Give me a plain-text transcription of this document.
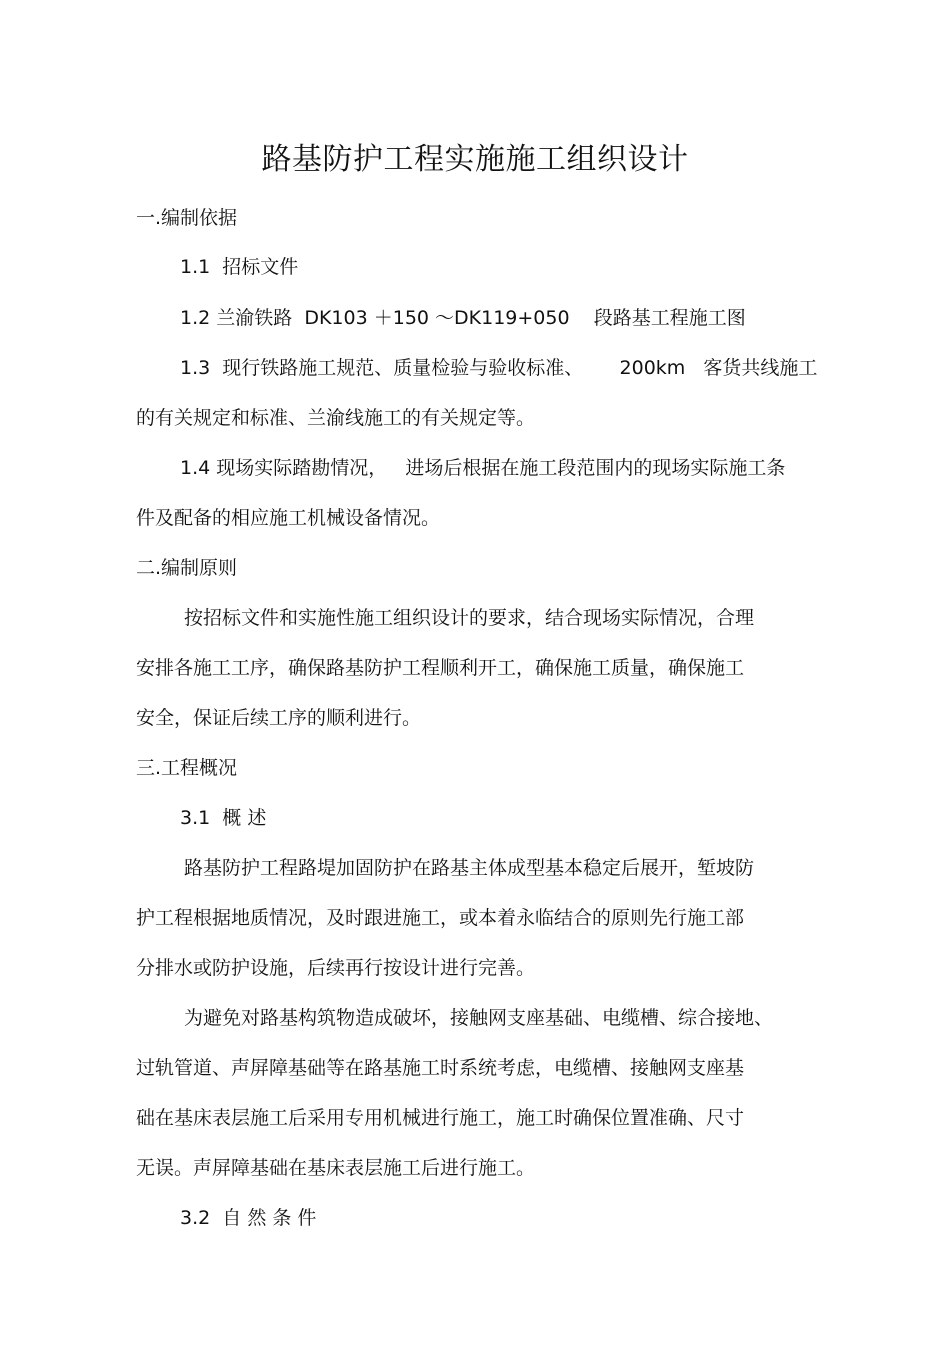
路基防护工程实施施工组织设计
一.编制依据
1.1  招标文件
1.2 兰渝铁路  DK103 ＋150 ～DK119+050    段路基工程施工图
1.3  现行铁路施工规范、质量检验与验收标准、      200km   客货共线施工
的有关规定和标准、兰渝线施工的有关规定等。
1.4 现场实际踏勘情况，   进场后根据在施工段范围内的现场实际施工条
件及配备的相应施工机械设备情况。
二.编制原则
按招标文件和实施性施工组织设计的要求，结合现场实际情况，合理
安排各施工工序，确保路基防护工程顺利开工，确保施工质量，确保施工
安全，保证后续工序的顺利进行。
三.工程概况
3.1  概 述
路基防护工程路堤加固防护在路基主体成型基本稳定后展开，堑坡防
护工程根据地质情况，及时跟进施工，或本着永临结合的原则先行施工部
分排水或防护设施，后续再行按设计进行完善。
为避免对路基构筑物造成破坏，接触网支座基础、电缆槽、综合接地、
过轨管道、声屏障基础等在路基施工时系统考虑，电缆槽、接触网支座基
础在基床表层施工后采用专用机械进行施工，施工时确保位置准确、尺寸
无误。声屏障基础在基床表层施工后进行施工。
3.2  自 然 条 件
